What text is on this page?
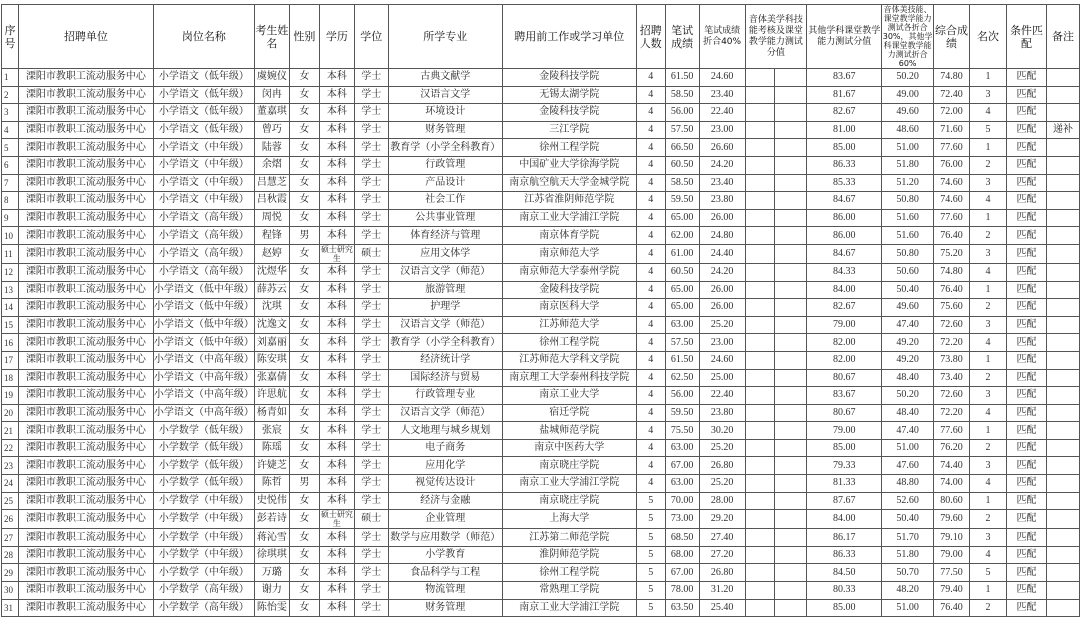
序号	招聘单位	岗位名称	考生姓名	性别	学历	学位	所学专业	聘用前工作或学习单位	招聘人数	笔试成绩	笔试成绩折合40%	音体美学科技能考核及课堂教学能力测试分值		其他学科课堂教学能力测试分值	音体美技能、课堂教学能力测试各折合30%，其他学科课堂教学能力测试折合60%	综合成绩	名次	条件匹配	备注
1	溧阳市教职工流动服务中心	小学语文（低年级）	虞婉仪	女	本科	学士	古典文献学	金陵科技学院	4	61.50	24.60			83.67	50.20	74.80	1	匹配	
2	溧阳市教职工流动服务中心	小学语文（低年级）	闵冉	女	本科	学士	汉语言文学	无锡太湖学院	4	58.50	23.40			81.67	49.00	72.40	3	匹配	
3	溧阳市教职工流动服务中心	小学语文（低年级）	董嘉琪	女	本科	学士	环境设计	金陵科技学院	4	56.00	22.40			82.67	49.60	72.00	4	匹配	
4	溧阳市教职工流动服务中心	小学语文（低年级）	曾巧	女	本科	学士	财务管理	三江学院	4	57.50	23.00			81.00	48.60	71.60	5	匹配	递补
5	溧阳市教职工流动服务中心	小学语文（中年级）	陆蓉	女	本科	学士	教育学（小学全科教育）	徐州工程学院	4	66.50	26.60			85.00	51.00	77.60	1	匹配	
6	溧阳市教职工流动服务中心	小学语文（中年级）	余熠	女	本科	学士	行政管理	中国矿业大学徐海学院	4	60.50	24.20			86.33	51.80	76.00	2	匹配	
7	溧阳市教职工流动服务中心	小学语文（中年级）	吕慧芝	女	本科	学士	产品设计	南京航空航天大学金城学院	4	58.50	23.40			85.33	51.20	74.60	3	匹配	
8	溧阳市教职工流动服务中心	小学语文（中年级）	吕秋霞	女	本科	学士	社会工作	江苏省淮阴师范学院	4	59.50	23.80			84.67	50.80	74.60	4	匹配	
9	溧阳市教职工流动服务中心	小学语文（高年级）	周悦	女	本科	学士	公共事业管理	南京工业大学浦江学院	4	65.00	26.00			86.00	51.60	77.60	1	匹配	
10	溧阳市教职工流动服务中心	小学语文（高年级）	程锋	男	本科	学士	体育经济与管理	南京体育学院	4	62.00	24.80			86.00	51.60	76.40	2	匹配	
11	溧阳市教职工流动服务中心	小学语文（高年级）	赵婷	女	硕士研究生	硕士	应用文体学	南京师范大学	4	61.00	24.40			84.67	50.80	75.20	3	匹配	
12	溧阳市教职工流动服务中心	小学语文（高年级）	沈煜华	女	本科	学士	汉语言文学（师范）	南京师范大学泰州学院	4	60.50	24.20			84.33	50.60	74.80	4	匹配	
13	溧阳市教职工流动服务中心	小学语文（低中年级）	薛苏云	女	本科	学士	旅游管理	金陵科技学院	4	65.00	26.00			84.00	50.40	76.40	1	匹配	
14	溧阳市教职工流动服务中心	小学语文（低中年级）	沈琪	女	本科	学士	护理学	南京医科大学	4	65.00	26.00			82.67	49.60	75.60	2	匹配	
15	溧阳市教职工流动服务中心	小学语文（低中年级）	沈逸文	女	本科	学士	汉语言文学（师范）	江苏师范大学	4	63.00	25.20			79.00	47.40	72.60	3	匹配	
16	溧阳市教职工流动服务中心	小学语文（低中年级）	刘嘉丽	女	本科	学士	教育学（小学全科教育）	徐州工程学院	4	57.50	23.00			82.00	49.20	72.20	4	匹配	
17	溧阳市教职工流动服务中心	小学语文（中高年级）	陈安琪	女	本科	学士	经济统计学	江苏师范大学科文学院	4	61.50	24.60			82.00	49.20	73.80	1	匹配	
18	溧阳市教职工流动服务中心	小学语文（中高年级）	张嘉倩	女	本科	学士	国际经济与贸易	南京理工大学泰州科技学院	4	62.50	25.00			80.67	48.40	73.40	2	匹配	
19	溧阳市教职工流动服务中心	小学语文（中高年级）	许思航	女	本科	学士	行政管理专业	南京工业大学	4	56.00	22.40			83.67	50.20	72.60	3	匹配	
20	溧阳市教职工流动服务中心	小学语文（中高年级）	杨青如	女	本科	学士	汉语言文学（师范）	宿迁学院	4	59.50	23.80			80.67	48.40	72.20	4	匹配	
21	溧阳市教职工流动服务中心	小学数学（低年级）	张宸	女	本科	学士	人文地理与城乡规划	盐城师范学院	4	75.50	30.20			79.00	47.40	77.60	1	匹配	
22	溧阳市教职工流动服务中心	小学数学（低年级）	陈瑶	女	本科	学士	电子商务	南京中医药大学	4	63.00	25.20			85.00	51.00	76.20	2	匹配	
23	溧阳市教职工流动服务中心	小学数学（低年级）	许婕芝	女	本科	学士	应用化学	南京晓庄学院	4	67.00	26.80			79.33	47.60	74.40	3	匹配	
24	溧阳市教职工流动服务中心	小学数学（低年级）	陈哲	男	本科	学士	视觉传达设计	南京工业大学浦江学院	4	63.00	25.20			81.33	48.80	74.00	4	匹配	
25	溧阳市教职工流动服务中心	小学数学（中年级）	史悦伟	女	本科	学士	经济与金融	南京晓庄学院	5	70.00	28.00			87.67	52.60	80.60	1	匹配	
26	溧阳市教职工流动服务中心	小学数学（中年级）	彭若诗	女	硕士研究生	硕士	企业管理	上海大学	5	73.00	29.20			84.00	50.40	79.60	2	匹配	
27	溧阳市教职工流动服务中心	小学数学（中年级）	蒋沁雪	女	本科	学士	数学与应用数学（师范）	江苏第二师范学院	5	68.50	27.40			86.17	51.70	79.10	3	匹配	
28	溧阳市教职工流动服务中心	小学数学（中年级）	徐琪琪	女	本科	学士	小学教育	淮阴师范学院	5	68.00	27.20			86.33	51.80	79.00	4	匹配	
29	溧阳市教职工流动服务中心	小学数学（中年级）	万璐	女	本科	学士	食品科学与工程	徐州工程学院	5	67.00	26.80			84.50	50.70	77.50	5	匹配	
30	溧阳市教职工流动服务中心	小学数学（高年级）	谢力	女	本科	学士	物流管理	常熟理工学院	5	78.00	31.20			80.33	48.20	79.40	1	匹配	
31	溧阳市教职工流动服务中心	小学数学（高年级）	陈怡雯	女	本科	学士	财务管理	南京工业大学浦江学院	5	63.50	25.40			85.00	51.00	76.40	2	匹配	
